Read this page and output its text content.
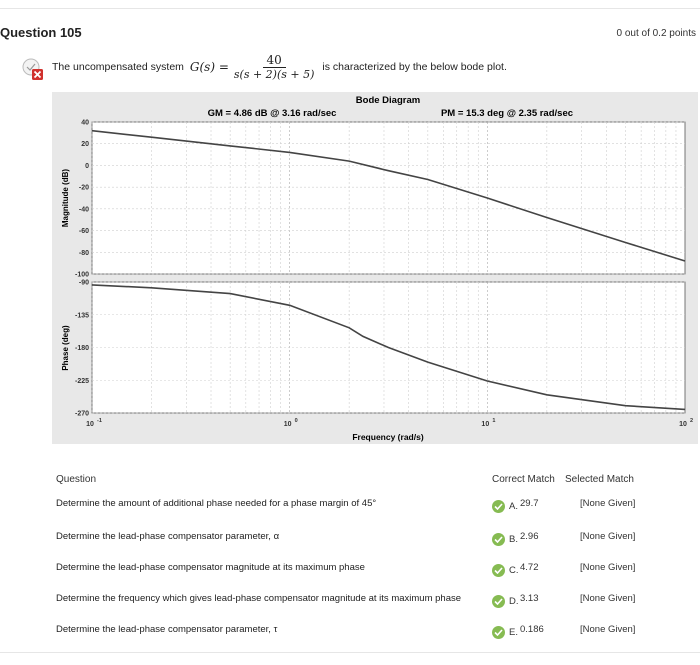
Question 105	0 out of 0.2 points
The uncompensated system $G(s) = \frac{40}{s(s + 2)(s + 5)}$ is characterized by the below bode plot.
40
20
0
-20
-40
-60
-80
-100
-90
-135
-180
-225
-270
10 -1	10 0	10 1	10 2
Bode Diagram
GM = 4.86 dB @ 3.16 rad/sec	PM = 15.3 deg @ 2.35 rad/sec
Frequency (rad/s)
Magnitude (dB)
Phase (deg)
Question	Correct Match Selected Match
Determine the amount of additional phase needed for a phase margin of 45°	A. 29.7	[None Given]
Determine the lead-phase compensator parameter, α	B. 2.96	[None Given]
Determine the lead-phase compensator magnitude at its maximum phase	C. 4.72	[None Given]
Determine the frequency which gives lead-phase compensator magnitude at its maximum phase	D. 3.13	[None Given]
Determine the lead-phase compensator parameter, τ	E. 0.186	[None Given]
